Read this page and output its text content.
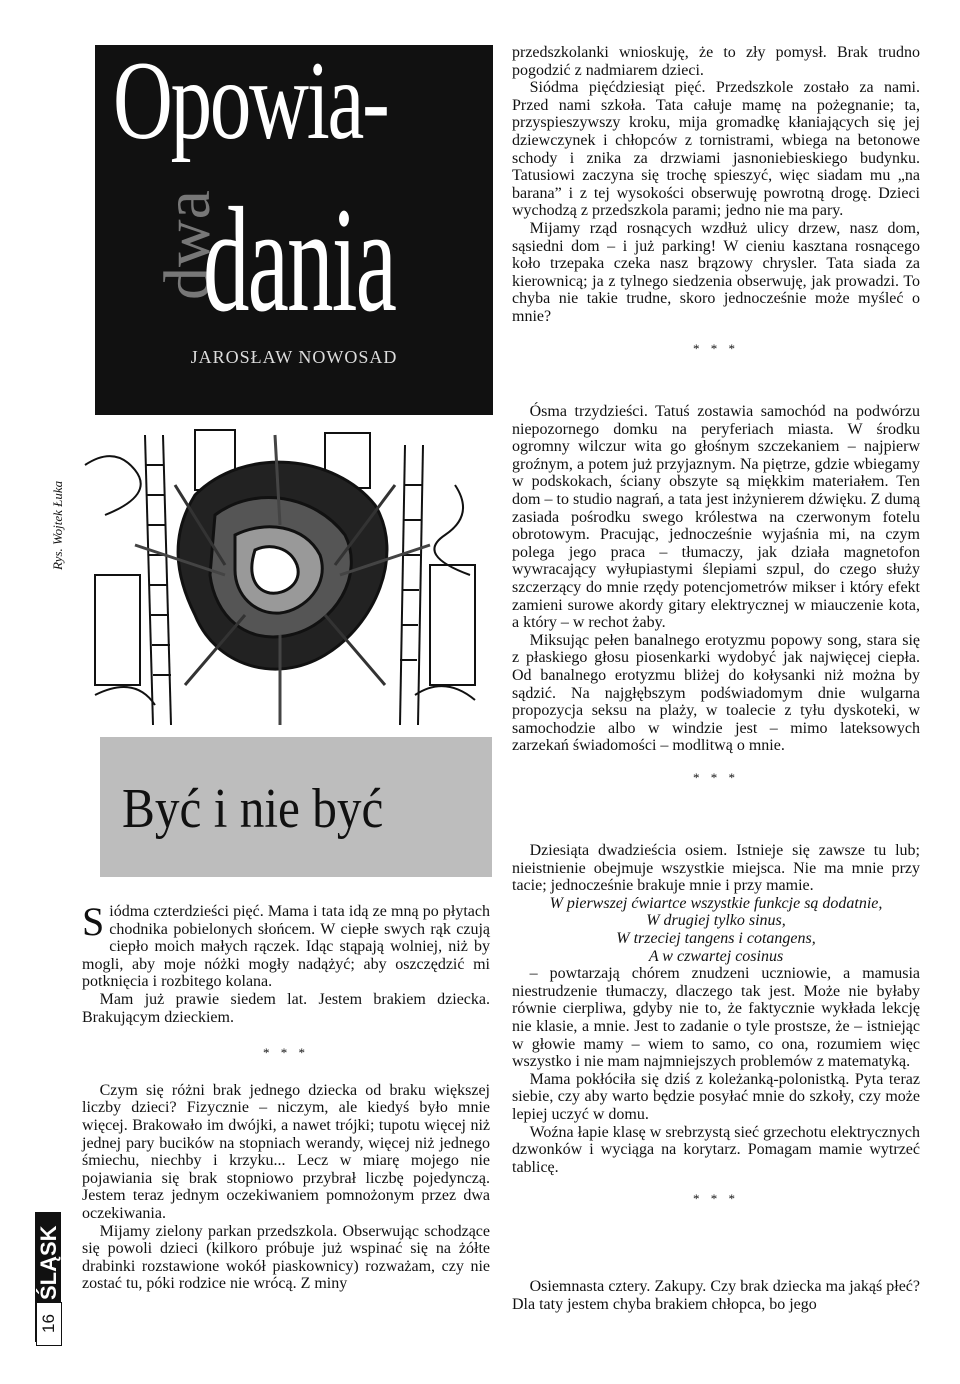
Opowia-
dwa
dania
JAROSŁAW NOWOSAD
Rys. Wojtek Łuka
Być i nie być

Siódma czterdzieści pięć. Mama i tata idą ze mną po płytach chodnika pobielonych słońcem. W ciepłe swych rąk czują ciepło moich małych rączek. Idąc stąpają wolniej, niż by mogli, aby moje nóżki mogły nadążyć; aby oszczędzić mi potknięcia i rozbitego kolana.

Mam już prawie siedem lat. Jestem brakiem dziecka. Brakującym dzieckiem.

* * *

Czym się różni brak jednego dziecka od braku większej liczby dzieci? Fizycznie – niczym, ale kiedyś było mnie więcej. Brakowało im dwójki, a nawet trójki; tupotu więcej niż jednej pary bucików na stopniach werandy, więcej niż jednego śmiechu, niechby i krzyku... Lecz w miarę mojego nie pojawiania się brak stopniowo przybrał liczbę pojedynczą. Jestem teraz jednym oczekiwaniem pomnożonym przez dwa oczekiwania.

Mijamy zielony parkan przedszkola. Obserwując schodzące się powoli dzieci (kilkoro próbuje już wspinać się na żółte drabinki rozstawione wokół piaskownicy) rozważam, czy nie zostać tu, póki rodzice nie wrócą. Z miny

przedszkolanki wnioskuję, że to zły pomysł. Brak trudno pogodzić z nadmiarem dzieci.

Siódma pięćdziesiąt pięć. Przedszkole zostało za nami. Przed nami szkoła. Tata całuje mamę na pożegnanie; ta, przyspieszywszy kroku, mija gromadkę kłaniających się jej dziewczynek i chłopców z tornistrami, wbiega na betonowe schody i znika za drzwiami jasnoniebieskiego budynku. Tatusiowi zaczyna się trochę spieszyć, więc siadam mu „na barana” i z tej wysokości obserwuję powrotną drogę. Dzieci wychodzą z przedszkola parami; jedno nie ma pary.

Mijamy rząd rosnących wzdłuż ulicy drzew, nasz dom, sąsiedni dom – i już parking! W cieniu kasztana rosnącego koło trzepaka czeka nasz brązowy chrysler. Tata siada za kierownicą; ja z tylnego siedzenia obserwuję, jak prowadzi. To chyba nie takie trudne, skoro jednocześnie może myśleć o mnie?

* * *

Ósma trzydzieści. Tatuś zostawia samochód na podwórzu niepozornego domku na peryferiach miasta. W środku ogromny wilczur wita go głośnym szczekaniem – najpierw groźnym, a potem już przyjaznym. Na piętrze, gdzie wbiegamy w podskokach, ściany obszyte są miękkim materiałem. Ten dom – to studio nagrań, a tata jest inżynierem dźwięku. Z dumą zasiada pośrodku swego królestwa na czerwonym fotelu obrotowym. Pracując, jednocześnie wyjaśnia mi, na czym polega jego praca – tłumaczy, jak działa magnetofon wywracający wyłupiastymi ślepiami szpul, do czego służy szczerzący do mnie rzędy potencjometrów mikser i który efekt zamieni surowe akordy gitary elektrycznej w miauczenie kota, a który – w rechot żaby.

Miksując pełen banalnego erotyzmu popowy song, stara się z płaskiego głosu piosenkarki wydobyć jak najwięcej ciepła. Od banalnego erotyzmu bliżej do kołysanki niż można by sądzić. Na najgłębszym podświadomym dnie wulgarna propozycja seksu na plaży, w toalecie z tyłu dyskoteki, w samochodzie albo w windzie jest – mimo lateksowych zarzekań świadomości – modlitwą o mnie.

* * *

Dziesiąta dwadzieścia osiem. Istnieje się zawsze tu lub; nieistnienie obejmuje wszystkie miejsca. Nie ma mnie przy tacie; jednocześnie brakuje mnie i przy mamie.

W pierwszej ćwiartce wszystkie funkcje są dodatnie,

W drugiej tylko sinus,

W trzeciej tangens i cotangens,

A w czwartej cosinus

– powtarzają chórem znudzeni uczniowie, a mamusia niestrudzenie tłumaczy, dlaczego tak jest. Może nie byłaby równie cierpliwa, gdyby nie to, że faktycznie wykłada lekcję nie klasie, a mnie. Jest to zadanie o tyle prostsze, że – istniejąc w głowie mamy – wiem to samo, co ona, rozumiem więc wszystko i nie mam najmniejszych problemów z matematyką.

Mama pokłóciła się dziś z koleżanką-polonistką. Pyta teraz siebie, czy aby warto będzie posyłać mnie do szkoły, czy może lepiej uczyć w domu.

Woźna łapie klasę w srebrzystą sieć grzechotu elektrycznych dzwonków i wyciąga na korytarz. Pomagam mamie wytrzeć tablicę.

* * *

Osiemnasta cztery. Zakupy. Czy brak dziecka ma jakąś płeć? Dla taty jestem chyba brakiem chłopca, bo jego

ŚLĄSK
16
